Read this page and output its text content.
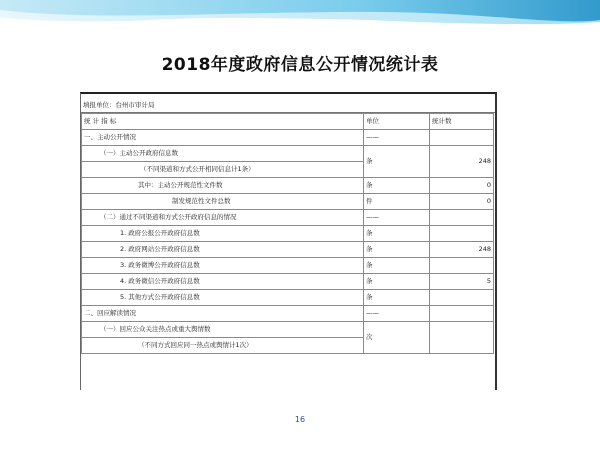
2018年度政府信息公开情况统计表
填报单位：台州市审计局
统 计 指 标	单位	统计数
一、主动公开情况	——	
（一）主动公开政府信息数	条	248
（不同渠道和方式公开相同信息计1条）		
其中：主动公开规范性文件数	条	0
制发规范性文件总数	件	0
（二）通过不同渠道和方式公开政府信息的情况	——	
1. 政府公报公开政府信息数	条	
2. 政府网站公开政府信息数	条	248
3. 政务微博公开政府信息数	条	
4. 政务微信公开政府信息数	条	5
5. 其他方式公开政府信息数	条	
二、回应解读情况	——	
（一）回应公众关注热点或重大舆情数	次	
（不同方式回应同一热点或舆情计1次）		
16
